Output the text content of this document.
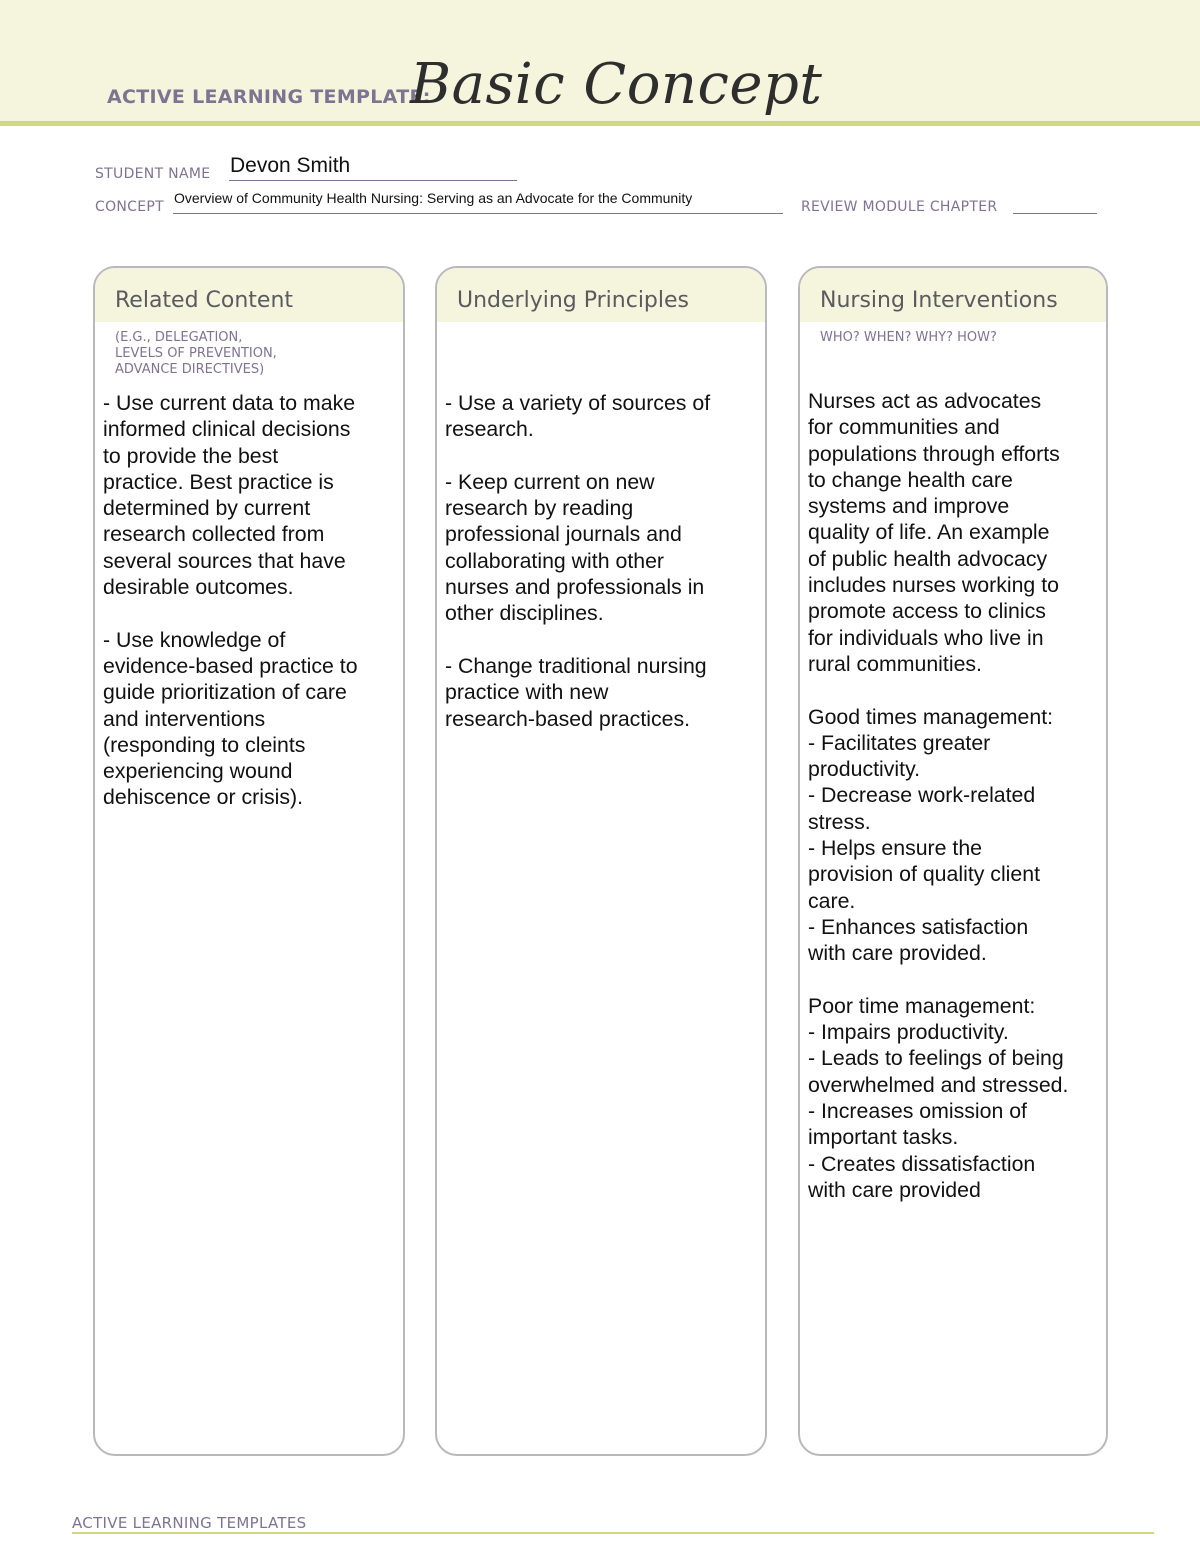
ACTIVE LEARNING TEMPLATE:
Basic Concept
STUDENT NAME Devon Smith
CONCEPT
Overview of Community Health Nursing: Serving as an Advocate for the Community
REVIEW MODULE CHAPTER
Related Content
(E.G., DELEGATION,
LEVELS OF PREVENTION,
ADVANCE DIRECTIVES)
- Use current data to make
informed clinical decisions
to provide the best
practice. Best practice is
determined by current
research collected from
several sources that have
desirable outcomes.

- Use knowledge of
evidence-based practice to
guide prioritization of care
and interventions
(responding to cleints
experiencing wound
dehiscence or crisis).
Underlying Principles
- Use a variety of sources of
research.

- Keep current on new
research by reading
professional journals and
collaborating with other
nurses and professionals in
other disciplines.

- Change traditional nursing
practice with new
research-based practices.
Nursing Interventions
WHO? WHEN? WHY? HOW?
Nurses act as advocates
for communities and
populations through efforts
to change health care
systems and improve
quality of life. An example
of public health advocacy
includes nurses working to
promote access to clinics
for individuals who live in
rural communities.

Good times management:
- Facilitates greater
productivity.
- Decrease work-related
stress.
- Helps ensure the
provision of quality client
care.
- Enhances satisfaction
with care provided.

Poor time management:
- Impairs productivity.
- Leads to feelings of being
overwhelmed and stressed.
- Increases omission of
important tasks.
- Creates dissatisfaction
with care provided
ACTIVE LEARNING TEMPLATES
